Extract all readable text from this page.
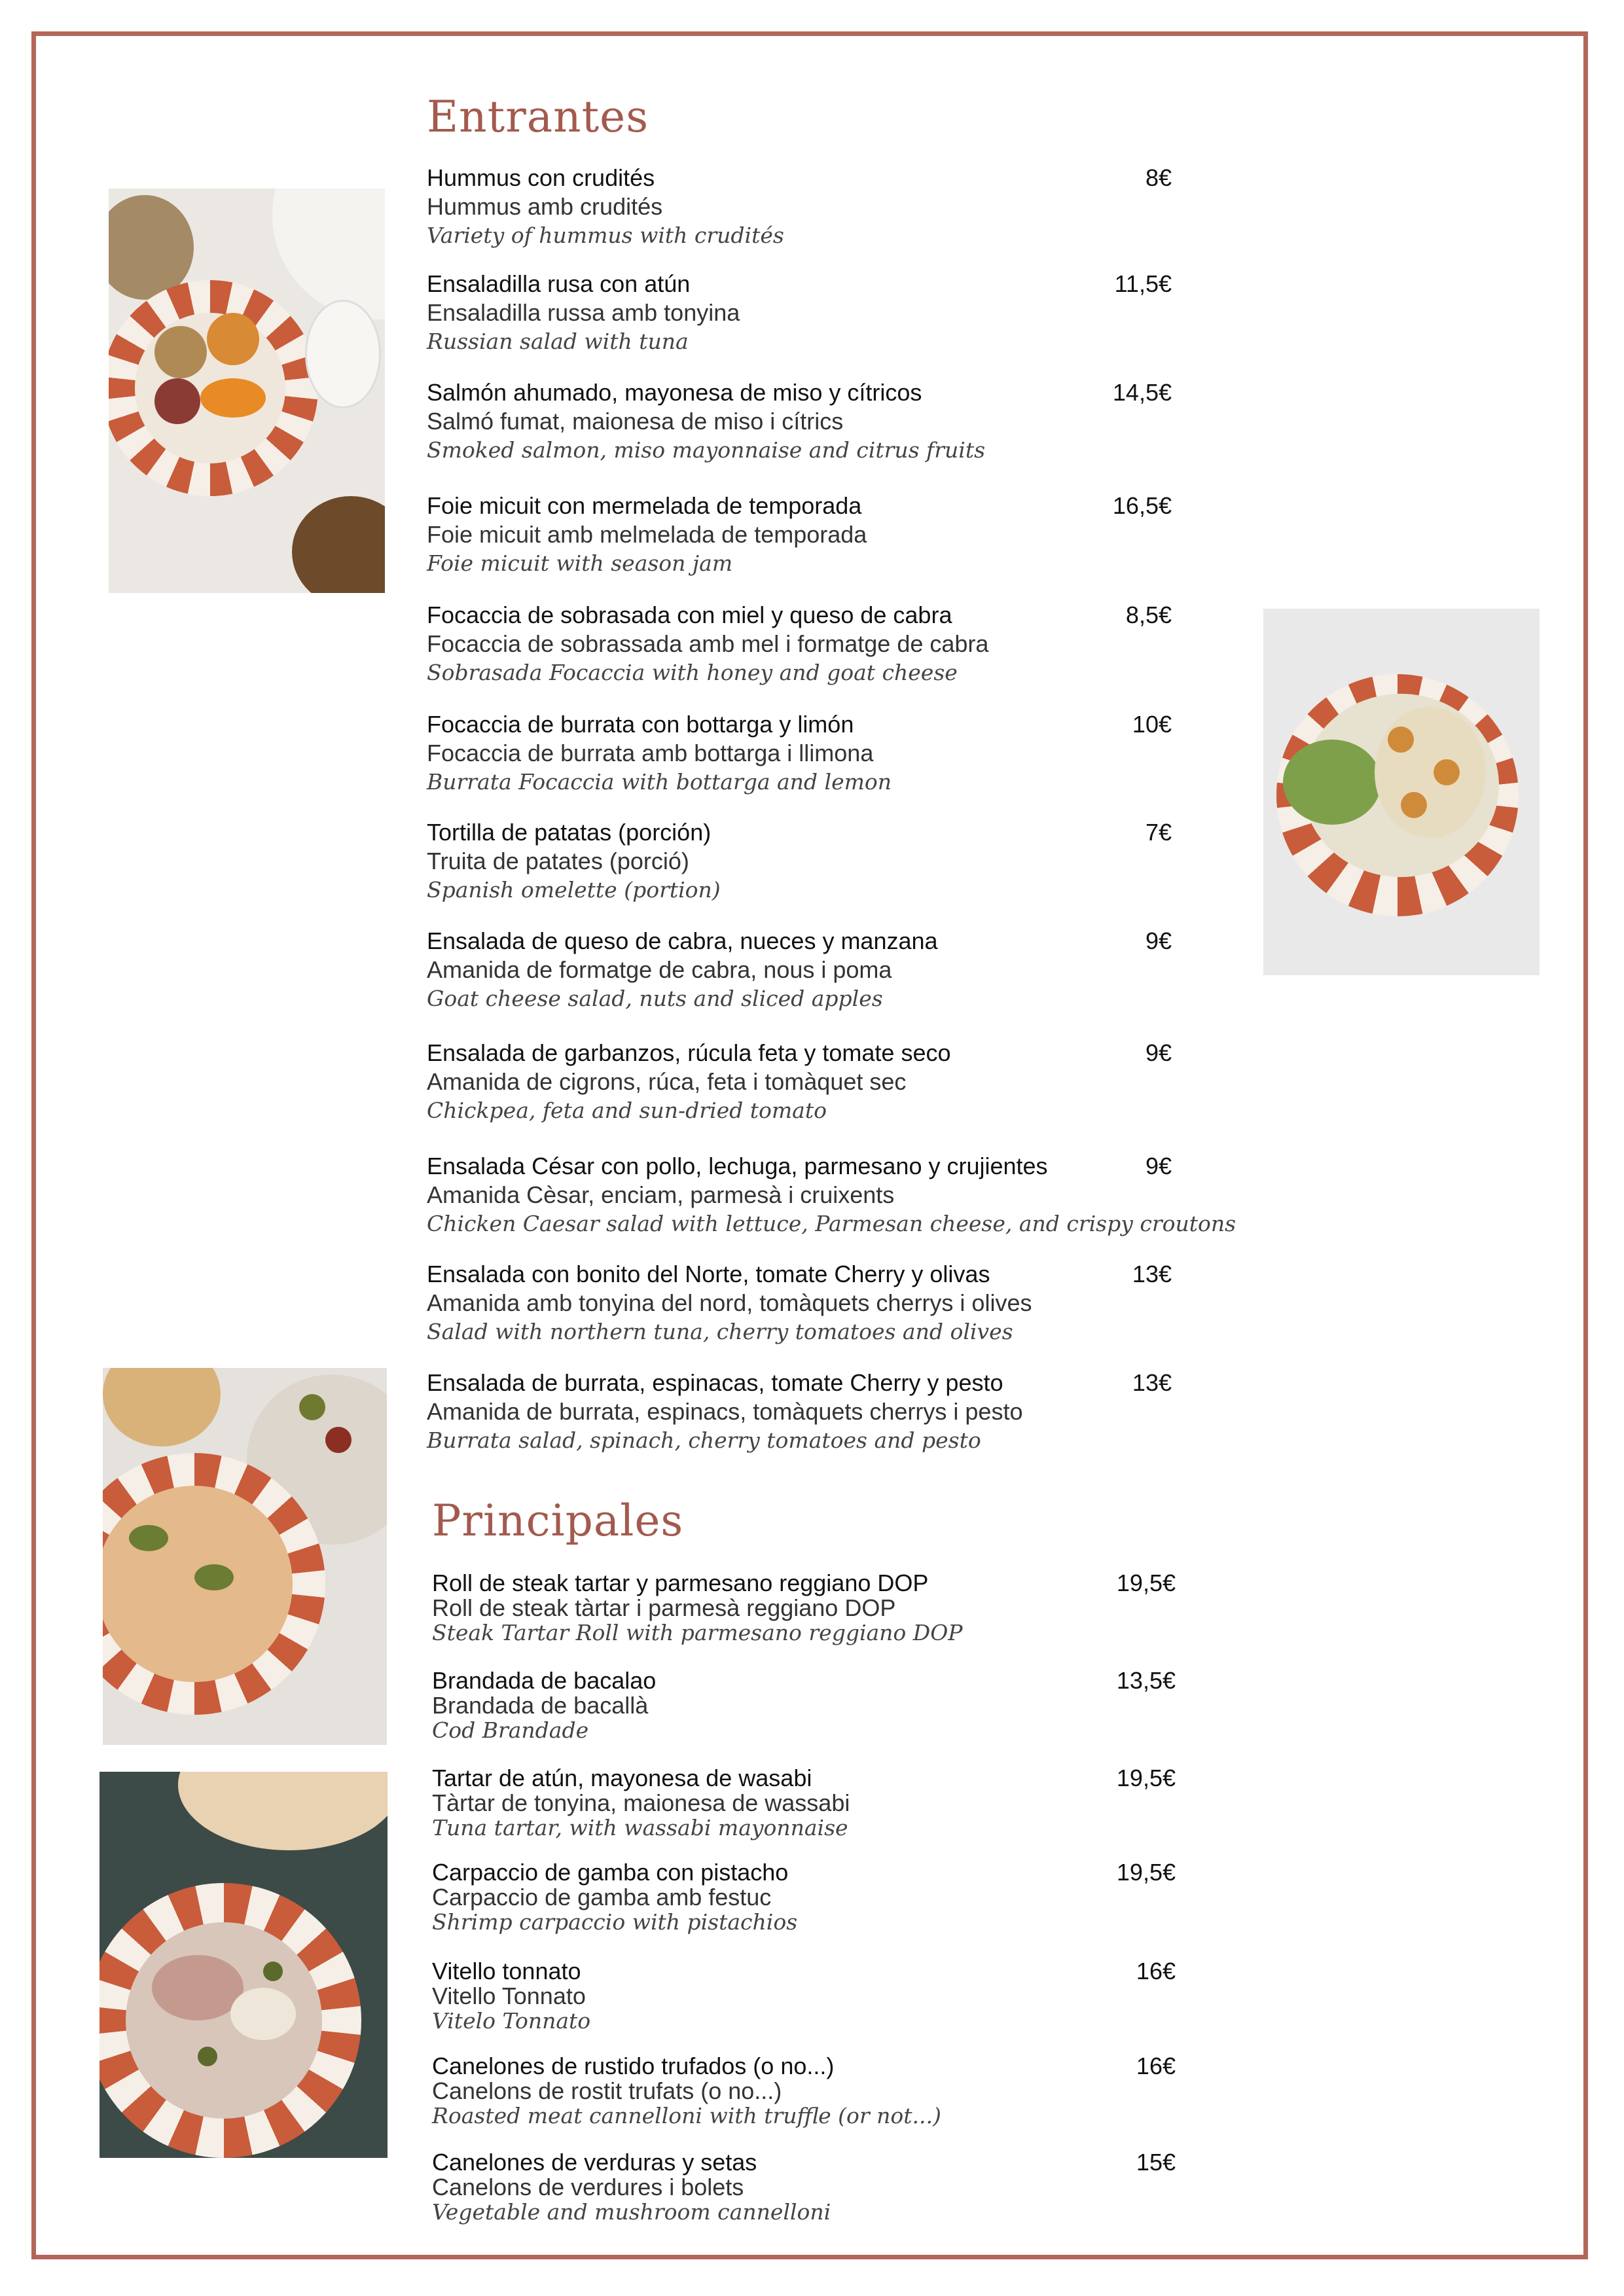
Entrantes
Principales
Hummus con crudités
Hummus amb crudités
Variety of hummus with crudités
8€
Ensaladilla rusa con atún
Ensaladilla russa amb tonyina
Russian salad with tuna
11,5€
Salmón ahumado, mayonesa de miso y cítricos
Salmó fumat, maionesa de miso i cítrics
Smoked salmon, miso mayonnaise and citrus fruits
14,5€
Foie micuit con mermelada de temporada
Foie micuit amb melmelada de temporada
Foie micuit with season jam
16,5€
Focaccia de sobrasada con miel y queso de cabra
Focaccia de sobrassada amb mel i formatge de cabra
Sobrasada Focaccia with honey and goat cheese
8,5€
Focaccia de burrata con bottarga y limón
Focaccia de burrata amb bottarga i llimona
Burrata Focaccia with bottarga and lemon
10€
Tortilla de patatas (porción)
Truita de patates (porció)
Spanish omelette (portion)
7€
Ensalada de queso de cabra, nueces y manzana
Amanida de formatge de cabra, nous i poma
Goat cheese salad, nuts and sliced apples
9€
Ensalada de garbanzos, rúcula feta y tomate seco
Amanida de cigrons, rúca, feta i tomàquet sec
Chickpea, feta and sun-dried tomato
9€
Ensalada César con pollo, lechuga, parmesano y crujientes
Amanida Cèsar, enciam, parmesà i cruixents
Chicken Caesar salad with lettuce, Parmesan cheese, and crispy croutons
9€
Ensalada con bonito del Norte, tomate Cherry y olivas
Amanida amb tonyina del nord, tomàquets cherrys i olives
Salad with northern tuna, cherry tomatoes and olives
13€
Ensalada de burrata, espinacas, tomate Cherry y pesto
Amanida de burrata, espinacs, tomàquets cherrys i pesto
Burrata salad, spinach, cherry tomatoes and pesto
13€
Roll de steak tartar y parmesano reggiano DOP
Roll de steak tàrtar i parmesà reggiano DOP
Steak Tartar Roll with parmesano reggiano DOP
19,5€
Brandada de bacalao
Brandada de bacallà
Cod Brandade
13,5€
Tartar de atún, mayonesa de wasabi
Tàrtar de tonyina, maionesa de wassabi
Tuna tartar, with wassabi mayonnaise
19,5€
Carpaccio de gamba con pistacho
Carpaccio de gamba amb festuc
Shrimp carpaccio with pistachios
19,5€
Vitello tonnato
Vitello Tonnato
Vitelo Tonnato
16€
Canelones de rustido trufados (o no...)
Canelons de rostit trufats (o no...)
Roasted meat cannelloni with truffle (or not...)
16€
Canelones de verduras y setas
Canelons de verdures i bolets
Vegetable and mushroom cannelloni
15€
